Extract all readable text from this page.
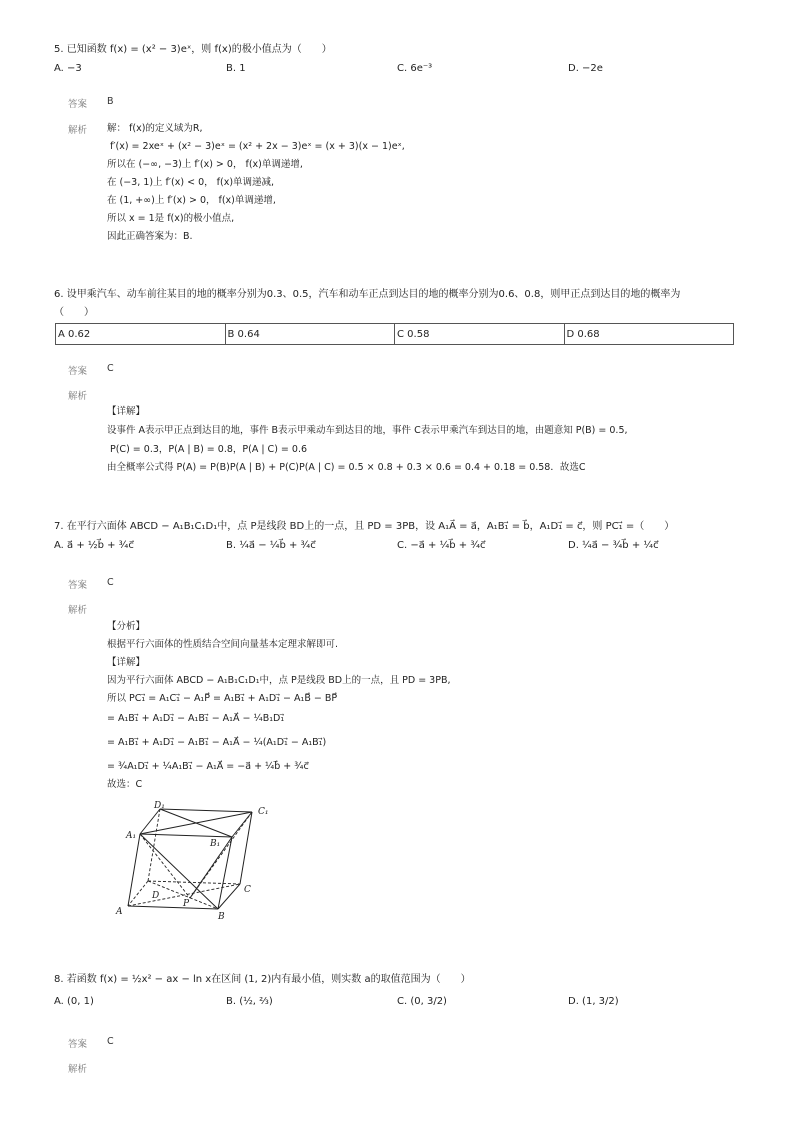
5. 已知函数 f(x) = (x² − 3)eˣ，则 f(x)的极小值点为（　　）
A. −3	B. 1	C. 6e⁻³	D. −2e
答案 B
解析 解： f(x)的定义域为R,
f′(x) = 2xeˣ + (x² − 3)eˣ = (x² + 2x − 3)eˣ = (x + 3)(x − 1)eˣ,
所以在 (−∞, −3)上 f′(x) > 0， f(x)单调递增,
在 (−3, 1)上 f′(x) < 0， f(x)单调递减,
在 (1, +∞)上 f′(x) > 0， f(x)单调递增,
所以 x = 1是 f(x)的极小值点,
因此正确答案为：B.
6. 设甲乘汽车、动车前往某目的地的概率分别为0.3、0.5，汽车和动车正点到达目的地的概率分别为0.6、0.8，则甲正点到达目的地的概率为
（　　）
A 0.62	B 0.64	C 0.58	D 0.68
答案 C
解析
【详解】
设事件 A表示甲正点到达目的地，事件 B表示甲乘动车到达目的地，事件 C表示甲乘汽车到达目的地，由题意知 P(B) = 0.5,
P(C) = 0.3，P(A | B) = 0.8，P(A | C) = 0.6
由全概率公式得 P(A) = P(B)P(A | B) + P(C)P(A | C) = 0.5 × 0.8 + 0.3 × 0.6 = 0.4 + 0.18 = 0.58．故选C
7. 在平行六面体 ABCD − A₁B₁C₁D₁中，点 P是线段 BD上的一点，且 PD = 3PB，设 A₁A⃗ = a⃗，A₁B₁⃗ = b⃗，A₁D₁⃗ = c⃗，则 PC₁⃗ =（　　）
A. a⃗ + ½b⃗ + ¾c⃗	B. ¼a⃗ − ¼b⃗ + ¾c⃗	C. −a⃗ + ¼b⃗ + ¾c⃗	D. ¼a⃗ − ¾b⃗ + ¼c⃗
答案 C
解析
【分析】
根据平行六面体的性质结合空间向量基本定理求解即可.
【详解】
因为平行六面体 ABCD − A₁B₁C₁D₁中，点 P是线段 BD上的一点，且 PD = 3PB,
所以 PC₁⃗ = A₁C₁⃗ − A₁P⃗ = A₁B₁⃗ + A₁D₁⃗ − A₁B⃗ − BP⃗
= A₁B₁⃗ + A₁D₁⃗ − A₁B₁⃗ − A₁A⃗ − ¼B₁D₁⃗
= A₁B₁⃗ + A₁D₁⃗ − A₁B₁⃗ − A₁A⃗ − ¼(A₁D₁⃗ − A₁B₁⃗)
= ¾A₁D₁⃗ + ¼A₁B₁⃗ − A₁A⃗ = −a⃗ + ¼b⃗ + ¾c⃗
故选：C
D₁
C₁
A₁
B₁
D
C
P
A	B
8. 若函数 f(x) = ½x² − ax − ln x在区间 (1, 2)内有最小值，则实数 a的取值范围为（　　）
A. (0, 1)	B. (½, ⅔)	C. (0, 3/2)	D. (1, 3/2)
答案 C
解析
